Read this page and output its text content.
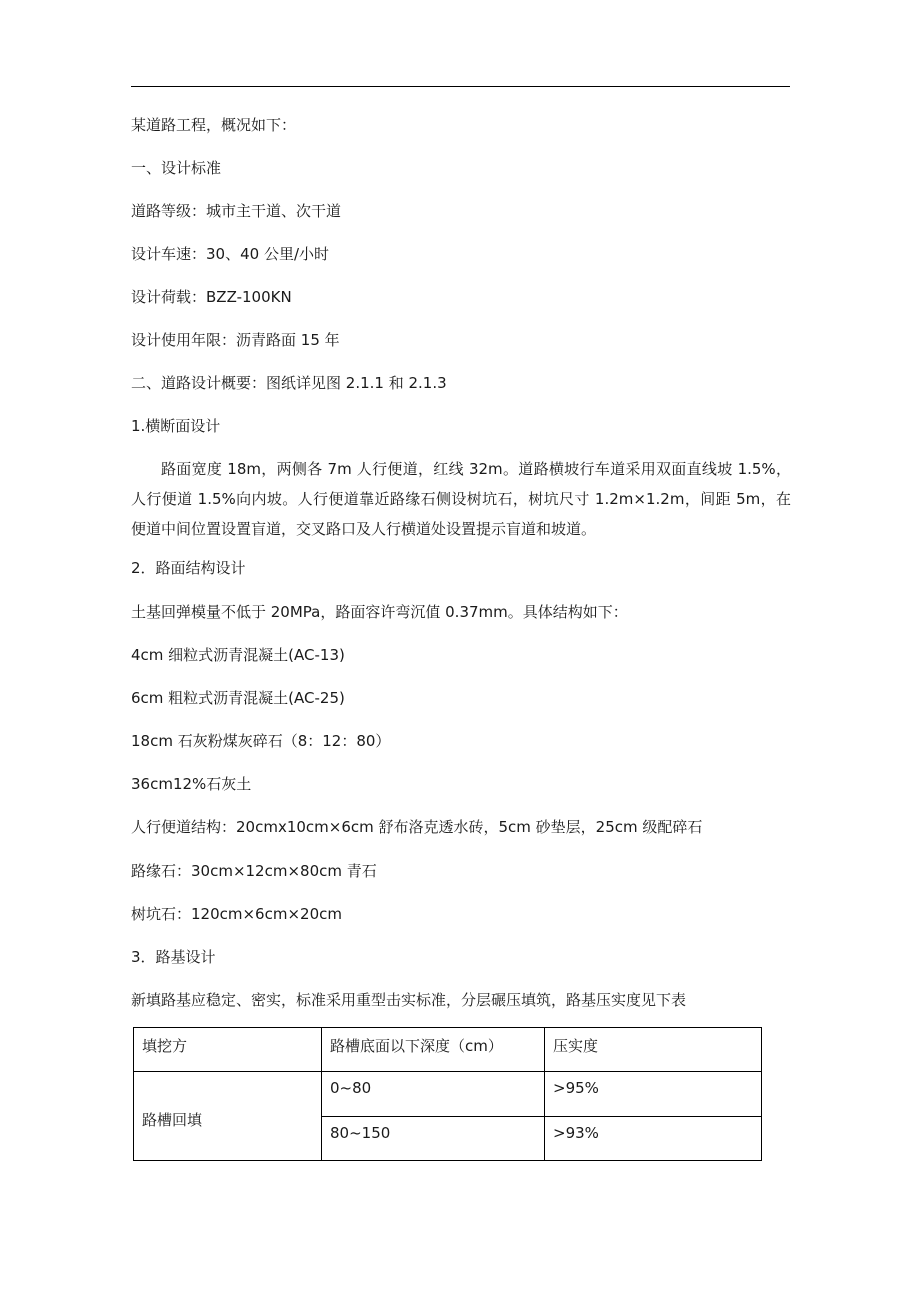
某道路工程，概况如下：
一、设计标准
道路等级：城市主干道、次干道
设计车速：30、40 公里/小时
设计荷载：BZZ-100KN
设计使用年限：沥青路面 15 年
二、道路设计概要：图纸详见图 2.1.1 和 2.1.3
1.横断面设计
路面宽度 18m，两侧各 7m 人行便道，红线 32m。道路横坡行车道采用双面直线坡 1.5%，人行便道 1.5%向内坡。人行便道靠近路缘石侧设树坑石，树坑尺寸 1.2m×1.2m，间距 5m，在便道中间位置设置盲道，交叉路口及人行横道处设置提示盲道和坡道。
2．路面结构设计
土基回弹模量不低于 20MPa，路面容许弯沉值 0.37mm。具体结构如下：
4cm 细粒式沥青混凝土(AC-13)
6cm 粗粒式沥青混凝土(AC-25)
18cm 石灰粉煤灰碎石（8：12：80）
36cm12%石灰土
人行便道结构：20cmx10cm×6cm 舒布洛克透水砖，5cm 砂垫层，25cm 级配碎石
路缘石：30cm×12cm×80cm 青石
树坑石：120cm×6cm×20cm
3．路基设计
新填路基应稳定、密实，标准采用重型击实标准，分层碾压填筑，路基压实度见下表
填挖方	路槽底面以下深度（cm）	压实度
路槽回填	0~80	>95%
	80~150	>93%
